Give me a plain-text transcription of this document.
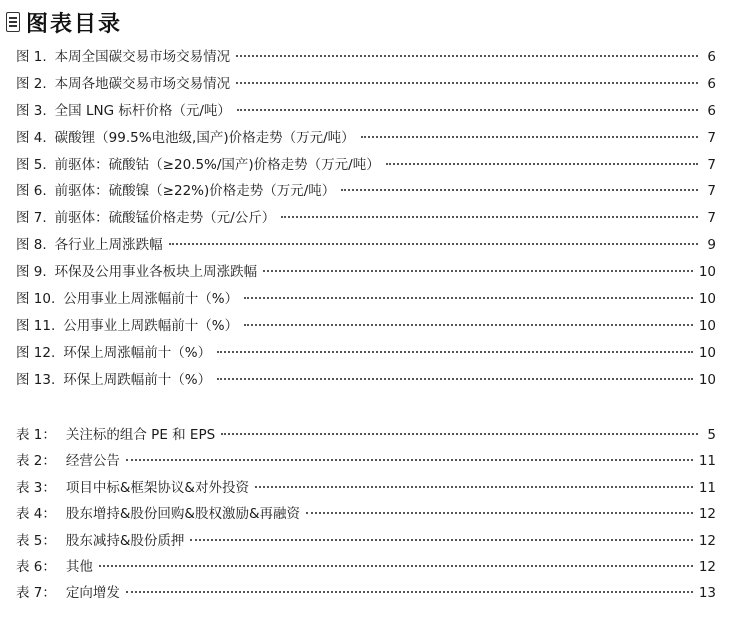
图表目录
图 1. 本周全国碳交易市场交易情况	6
图 2. 本周各地碳交易市场交易情况	6
图 3. 全国 LNG 标杆价格（元/吨）	6
图 4. 碳酸锂（99.5%电池级,国产)价格走势（万元/吨）	7
图 5. 前驱体：硫酸钴（≥20.5%/国产)价格走势（万元/吨）	7
图 6. 前驱体：硫酸镍（≥22%)价格走势（万元/吨）	7
图 7. 前驱体：硫酸锰价格走势（元/公斤）	7
图 8. 各行业上周涨跌幅	9
图 9. 环保及公用事业各板块上周涨跌幅	10
图 10. 公用事业上周涨幅前十（%）	10
图 11. 公用事业上周跌幅前十（%）	10
图 12. 环保上周涨幅前十（%）	10
图 13. 环保上周跌幅前十（%）	10
表 1： 关注标的组合 PE 和 EPS	5
表 2： 经营公告	11
表 3： 项目中标&框架协议&对外投资	11
表 4： 股东增持&股份回购&股权激励&再融资	12
表 5： 股东减持&股份质押	12
表 6： 其他	12
表 7： 定向增发	13
